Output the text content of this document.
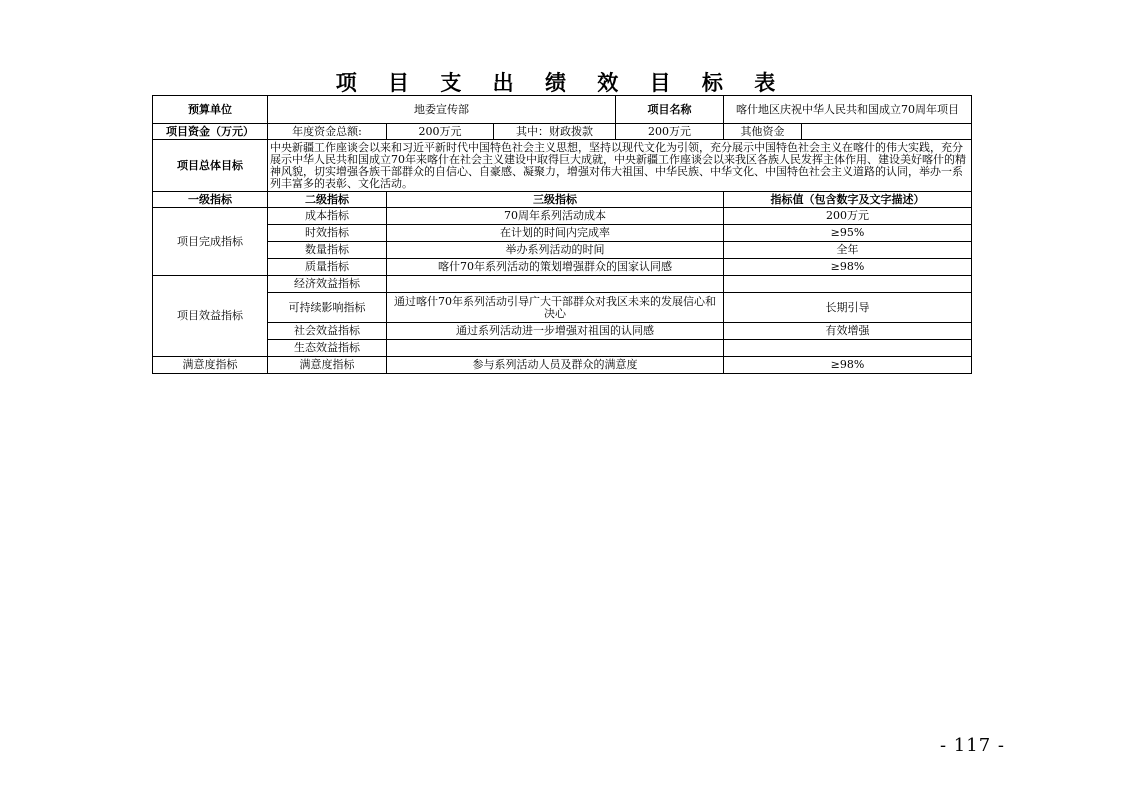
项 目 支 出 绩 效 目 标 表
预算单位	地委宣传部			项目名称	喀什地区庆祝中华人民共和国成立70周年项目	
项目资金（万元）	年度资金总额:	200万元	其中：财政拨款	200万元	其他资金	
项目总体目标	中央新疆工作座谈会以来和习近平新时代中国特色社会主义思想，坚持以现代文化为引领，充分展示中国特色社会主义在喀什的伟大实践，充分展示中华人民共和国成立70年来喀什在社会主义建设中取得巨大成就，中央新疆工作座谈会以来我区各族人民发挥主体作用、建设美好喀什的精神风貌，切实增强各族干部群众的自信心、自豪感、凝聚力，增强对伟大祖国、中华民族、中华文化、中国特色社会主义道路的认同，举办一系列丰富多的表彰、文化活动。					
一级指标	二级指标	三级指标			指标值（包含数字及文字描述）	
项目完成指标	成本指标	70周年系列活动成本			200万元	
	时效指标	在计划的时间内完成率			≥95%	
	数量指标	举办系列活动的时间			全年	
	质量指标	喀什70年系列活动的策划增强群众的国家认同感			≥98%	
项目效益指标	经济效益指标					
	可持续影响指标	通过喀什70年系列活动引导广大干部群众对我区未来的发展信心和决心			长期引导	
	社会效益指标	通过系列活动进一步增强对祖国的认同感			有效增强	
	生态效益指标					
满意度指标	满意度指标	参与系列活动人员及群众的满意度			≥98%	
- 117 -
